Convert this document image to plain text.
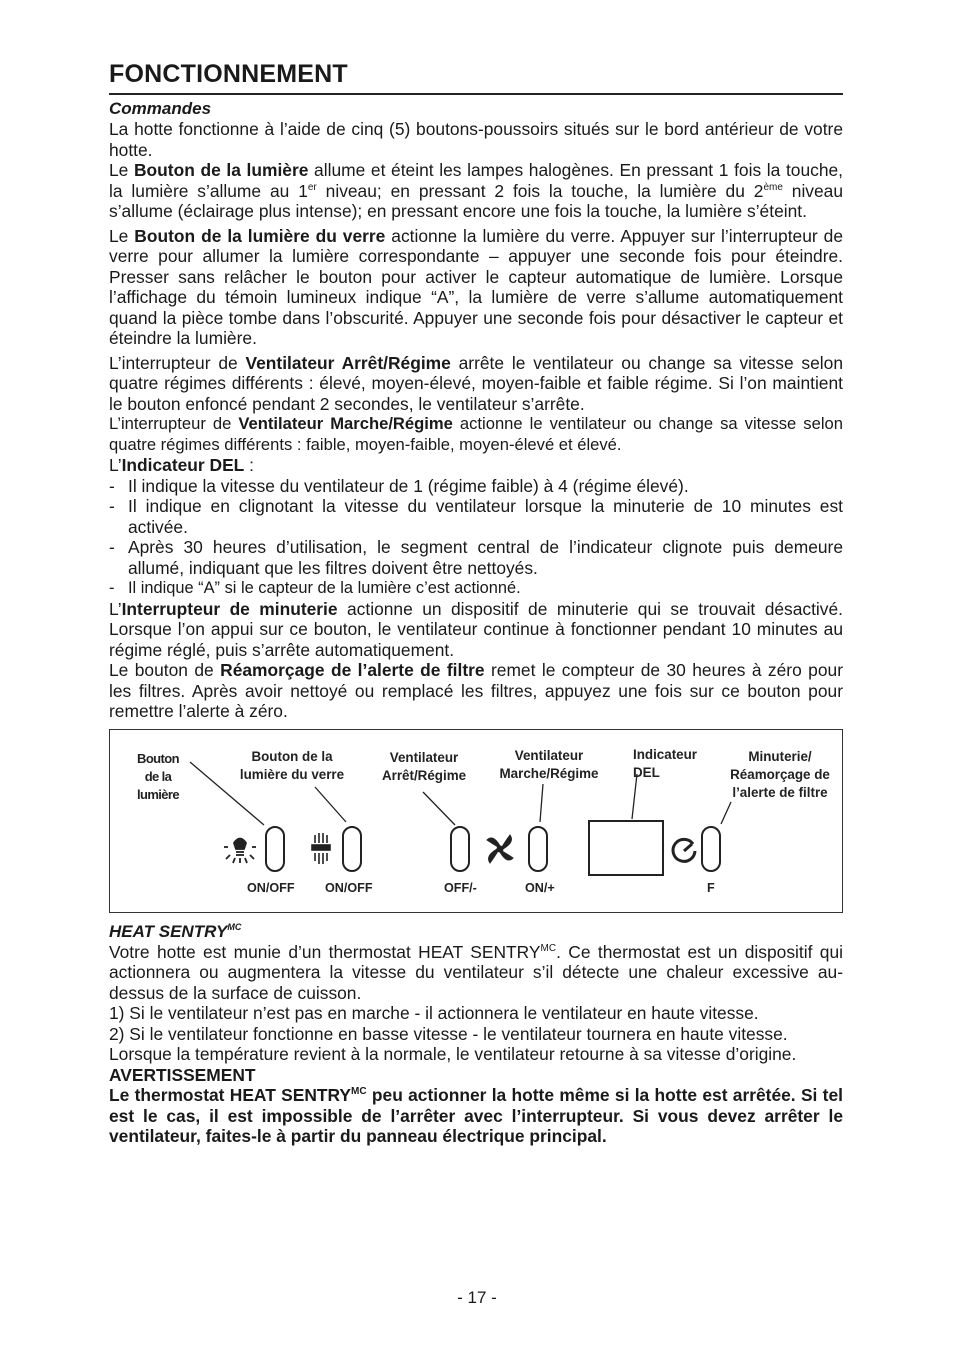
FONCTIONNEMENT
Commandes

La hotte fonctionne à l’aide de cinq (5) boutons-poussoirs situés sur le bord antérieur de votre hotte.

Le Bouton de la lumière allume et éteint les lampes halogènes. En pressant 1 fois la touche, la lumière s’allume au 1er niveau; en pressant 2 fois la touche, la lumière du 2ème niveau s’allume (éclairage plus intense); en pressant encore une fois la touche, la lumière s’éteint.

Le Bouton de la lumière du verre actionne la lumière du verre. Appuyer sur l’interrupteur de verre pour allumer la lumière correspondante – appuyer une seconde fois pour éteindre. Presser sans relâcher le bouton pour activer le capteur automatique de lumière. Lorsque l’affichage du témoin lumineux indique “A”, la lumière de verre s’allume automatiquement quand la pièce tombe dans l’obscurité. Appuyer une seconde fois pour désactiver le capteur et éteindre la lumière.

L’interrupteur de Ventilateur Arrêt/Régime arrête le ventilateur ou change sa vitesse selon quatre régimes différents : élevé, moyen-élevé, moyen-faible et faible régime. Si l’on maintient le bouton enfoncé pendant 2 secondes, le ventilateur s’arrête.

L’interrupteur de Ventilateur Marche/Régime actionne le ventilateur ou change sa vitesse selon quatre régimes différents : faible, moyen-faible, moyen-élevé et élevé.

L’Indicateur DEL :

- Il indique la vitesse du ventilateur de 1 (régime faible) à 4 (régime élevé).
- Il indique en clignotant la vitesse du ventilateur lorsque la minuterie de 10 minutes est activée.
- Après 30 heures d’utilisation, le segment central de l’indicateur clignote puis demeure allumé, indiquant que les filtres doivent être nettoyés.
- Il indique “A” si le capteur de la lumière c’est actionné.

L’Interrupteur de minuterie actionne un dispositif de minuterie qui se trouvait désactivé. Lorsque l’on appui sur ce bouton, le ventilateur continue à fonctionner pendant 10 minutes au régime réglé, puis s’arrête automatiquement.

Le bouton de Réamorçage de l’alerte de filtre remet le compteur de 30 heures à zéro pour les filtres. Après avoir nettoyé ou remplacé les filtres, appuyez une fois sur ce bouton pour remettre l’alerte à zéro.

Bouton
de la
lumière
Bouton de la
lumière du verre
Ventilateur
Arrêt/Régime
Ventilateur
Marche/Régime
Indicateur
DEL
Minuterie/
Réamorçage de
l’alerte de filtre
ON/OFF ON/OFF	OFF/-	ON/+	F
HEAT $SENTRY^{MC}$

Votre hotte est munie d’un thermostat HEAT $SENTRY^{MC}$. Ce thermostat est un dispositif qui actionnera ou augmentera la vitesse du ventilateur s’il détecte une chaleur excessive au-dessus de la surface de cuisson.

1) Si le ventilateur n’est pas en marche - il actionnera le ventilateur en haute vitesse.

2) Si le ventilateur fonctionne en basse vitesse - le ventilateur tournera en haute vitesse.

Lorsque la température revient à la normale, le ventilateur retourne à sa vitesse d’origine.

AVERTISSEMENT

Le thermostat HEAT $SENTRY^{MC}$ peu actionner la hotte même si la hotte est arrêtée. Si tel est le cas, il est impossible de l’arrêter avec l’interrupteur. Si vous devez arrêter le ventilateur, faites-le à partir du panneau électrique principal.

- 17 -
